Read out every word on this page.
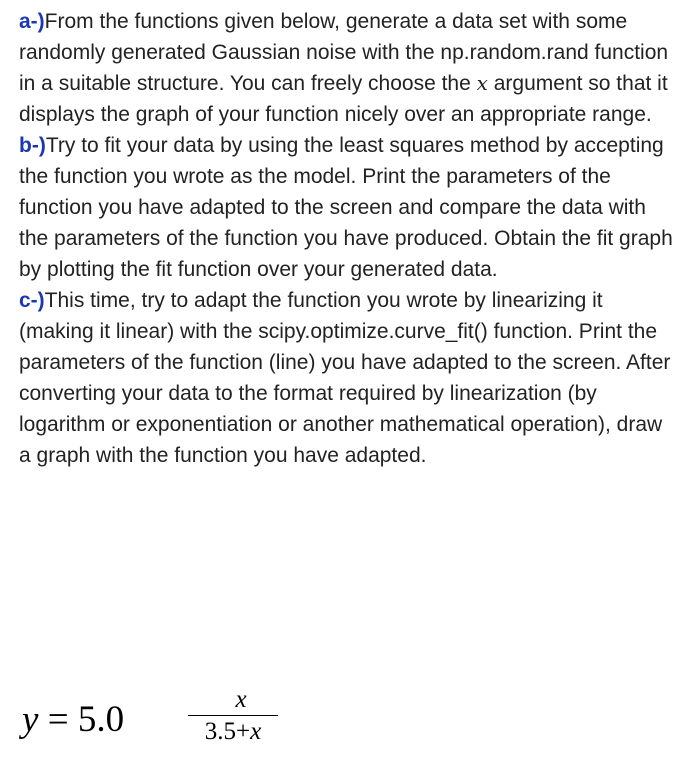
a-)From the functions given below, generate a data set with some randomly generated Gaussian noise with the np.random.rand function in a suitable structure. You can freely choose the x argument so that it displays the graph of your function nicely over an appropriate range.

b-)Try to fit your data by using the least squares method by accepting the function you wrote as the model. Print the parameters of the function you have adapted to the screen and compare the data with the parameters of the function you have produced. Obtain the fit graph by plotting the fit function over your generated data.

c-)This time, try to adapt the function you wrote by linearizing it (making it linear) with the scipy.optimize.curve_fit() function. Print the parameters of the function (line) you have adapted to the screen. After converting your data to the format required by linearization (by logarithm or exponentiation or another mathematical operation), draw a graph with the function you have adapted.

y = 5.0	x
3.5+x
